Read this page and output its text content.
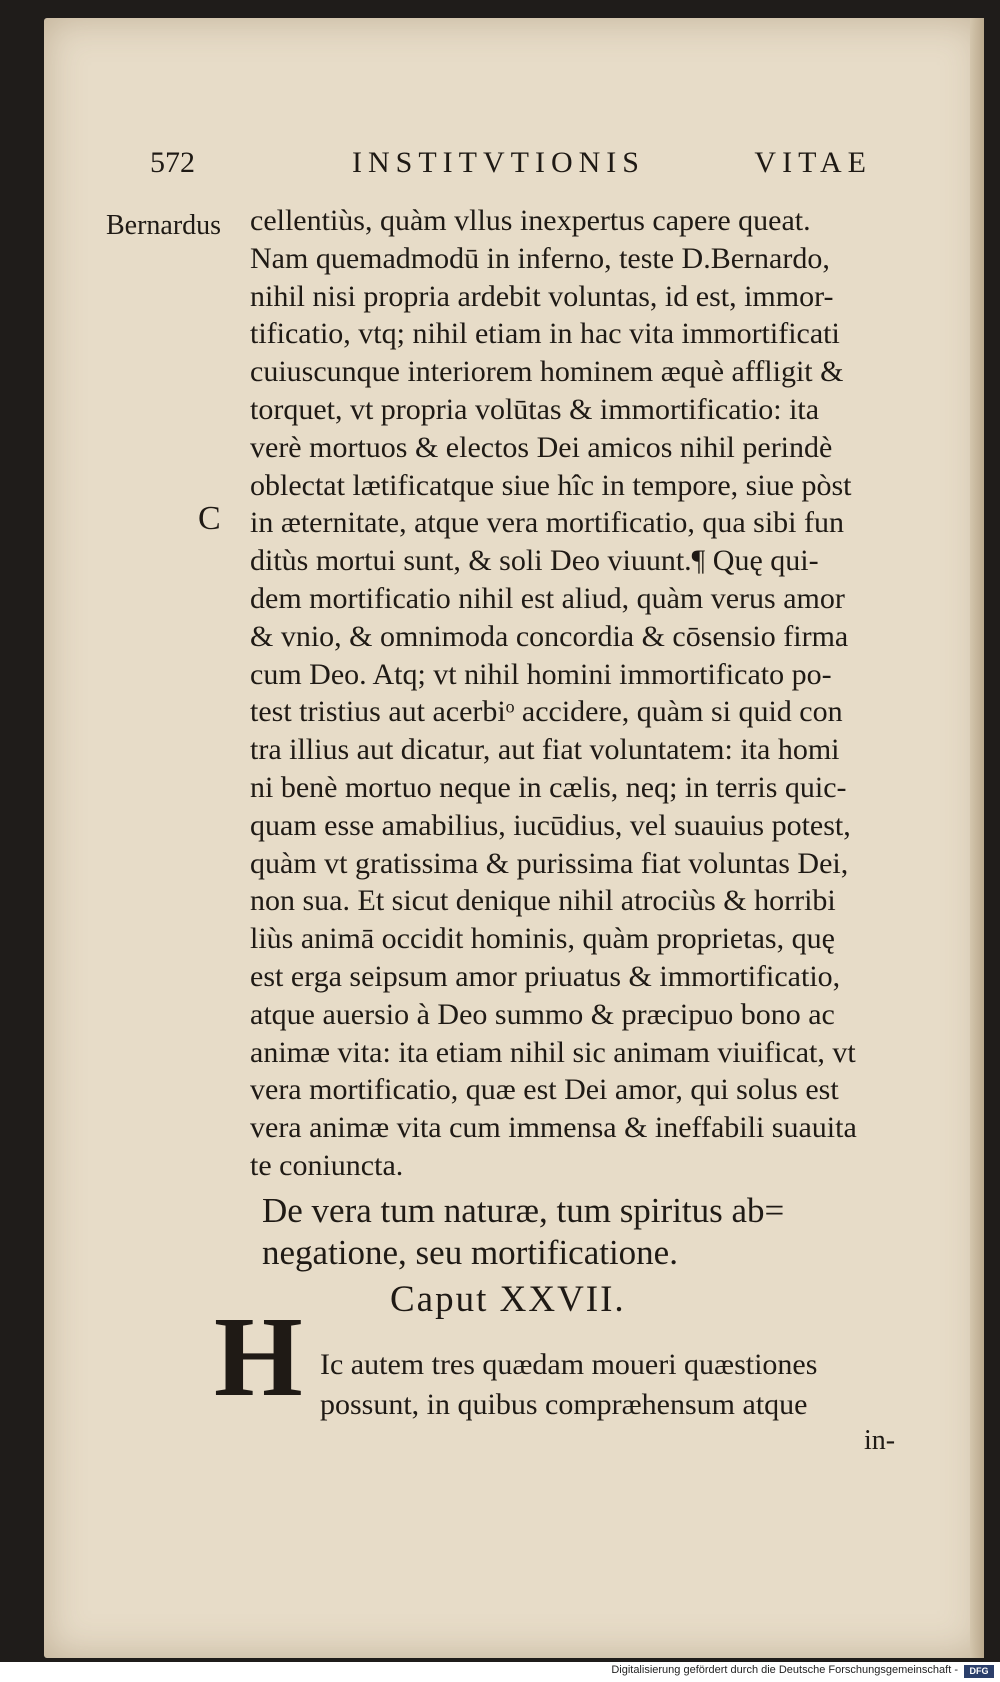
572	INSTITVTIONIS	VITAE
Bernardus
C
cellentiùs, quàm vllus inexpertus capere queat.
Nam quemadmodū in inferno, teste D.Bernardo,
nihil nisi propria ardebit voluntas, id est, immor-
tificatio, vtq; nihil etiam in hac vita immortificati
cuiuscunque interiorem hominem æquè affligit &
torquet, vt propria volūtas & immortificatio: ita
verè mortuos & electos Dei amicos nihil perindè
oblectat lætificatque siue hîc in tempore, siue pòst
in æternitate, atque vera mortificatio, qua sibi fun
ditùs mortui sunt, & soli Deo viuunt.¶ Quę qui-
dem mortificatio nihil est aliud, quàm verus amor
& vnio, & omnimoda concordia & cōsensio firma
cum Deo. Atq; vt nihil homini immortificato po-
test tristius aut acerbiᵒ accidere, quàm si quid con
tra illius aut dicatur, aut fiat voluntatem: ita homi
ni benè mortuo neque in cælis, neq; in terris quic-
quam esse amabilius, iucūdius, vel suauius potest,
quàm vt gratissima & purissima fiat voluntas Dei,
non sua. Et sicut denique nihil atrociùs & horribi
liùs animā occidit hominis, quàm proprietas, quę
est erga seipsum amor priuatus & immortificatio,
atque auersio à Deo summo & præcipuo bono ac
animæ vita: ita etiam nihil sic animam viuificat, vt
vera mortificatio, quæ est Dei amor, qui solus est
vera animæ vita cum immensa & ineffabili suauita
te coniuncta.
De vera tum naturæ, tum spiritus ab=
negatione, seu mortificatione.
Caput XXVII.
H Ic autem tres quædam moueri quæstiones
possunt, in quibus compræhensum atque
in-
Digitalisierung gefördert durch die Deutsche Forschungsgemeinschaft -	DFG
